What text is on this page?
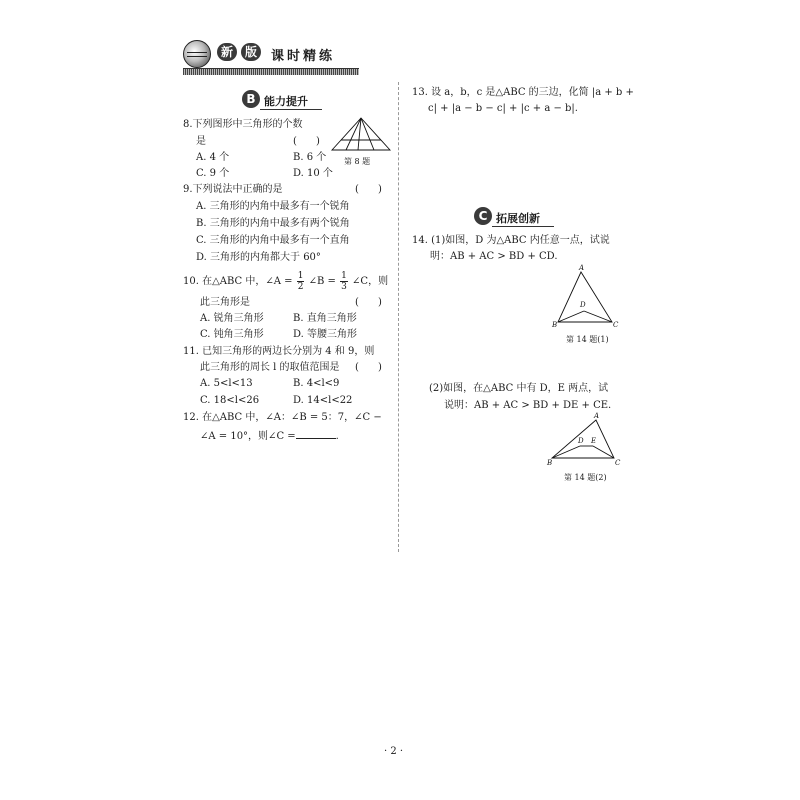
新 版	课时精练
B 能力提升
8.下列图形中三角形的个数
是	(      )
A. 4 个	B. 6 个
C. 9 个	D. 10 个
第 8 题
9.下列说法中正确的是	(      )
A. 三角形的内角中最多有一个锐角
B. 三角形的内角中最多有两个锐角
C. 三角形的内角中最多有一个直角
D. 三角形的内角都大于 60°
10. 在△ABC 中，∠A = $\frac{1}{2}$ ∠B = $\frac{1}{3}$ ∠C，则
此三角形是	(      )
A. 锐角三角形	B. 直角三角形
C. 钝角三角形	D. 等腰三角形
11. 已知三角形的两边长分别为 4 和 9，则
此三角形的周长 l 的取值范围是 (      )
A. 5<l<13	B. 4<l<9
C. 18<l<26	D. 14<l<22
12. 在△ABC 中，∠A：∠B = 5：7，∠C −
∠A = 10°，则∠C =	.
13. 设 a，b，c 是△ABC 的三边，化简 |a + b +
c| + |a − b − c| + |c + a − b|.
C 拓展创新
14. (1)如图，D 为△ABC 内任意一点，试说
明：AB + AC > BD + CD.
A
B	C
D
第 14 题(1)
(2)如图，在△ABC 中有 D，E 两点，试
说明：AB + AC > BD + DE + CE.
A
B	C
D E
第 14 题(2)
· 2 ·
